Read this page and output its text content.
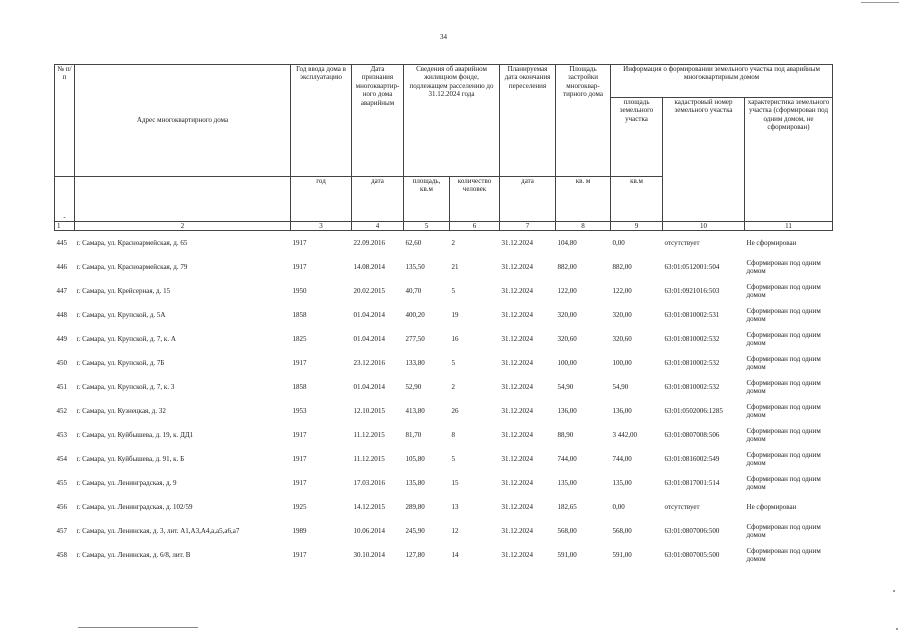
34
№ п/п	Адрес многоквартирного дома	Год ввода дома в эксплуатацию	Дата признания многоквартир-ного дома аварийным	Сведения об аварийном жилищном фонде, подлежащем расселению до 31.12.2024 года		Планируемая дата окончания переселения	Площадь застройки многоквар-тирного дома	Информация о формировании земельного участка под аварийным многоквартирным домом		
								площадь земельного участка	кадастровый номер земельного участка	характеристика земельного участка (сформирован под одним домом, не сформирован)
-		год	дата	площадь, кв.м	количество человек	дата	кв. м	кв.м		
1	2	3	4	5	6	7	8	9	10	11
445	г. Самара, ул. Красноармейская, д. 65	1917	22.09.2016	62,60	2	31.12.2024	104,80	0,00	отсутствует	Не сформирован
446	г. Самара, ул. Красноармейская, д. 79	1917	14.08.2014	135,50	21	31.12.2024	882,00	882,00	63:01:0512001:504	Сформирован под одним домом
447	г. Самара, ул. Крейсерная, д. 15	1950	20.02.2015	40,70	5	31.12.2024	122,00	122,00	63:01:0921016:503	Сформирован под одним домом
448	г. Самара, ул. Крупской, д. 5А	1858	01.04.2014	400,20	19	31.12.2024	320,00	320,00	63:01:0810002:531	Сформирован под одним домом
449	г. Самара, ул. Крупской, д. 7, к. А	1825	01.04.2014	277,50	16	31.12.2024	320,60	320,60	63:01:0810002:532	Сформирован под одним домом
450	г. Самара, ул. Крупской, д. 7Б	1917	23.12.2016	133,80	5	31.12.2024	100,00	100,00	63:01:0810002:532	Сформирован под одним домом
451	г. Самара, ул. Крупской, д. 7, к. 3	1858	01.04.2014	52,90	2	31.12.2024	54,90	54,90	63:01:0810002:532	Сформирован под одним домом
452	г. Самара, ул. Кузнецкая, д. 32	1953	12.10.2015	413,80	26	31.12.2024	136,00	136,00	63:01:0502006:1285	Сформирован под одним домом
453	г. Самара, ул. Куйбышева, д. 19, к. ДД1	1917	11.12.2015	81,70	8	31.12.2024	88,90	3 442,00	63:01:0807008:506	Сформирован под одним домом
454	г. Самара, ул. Куйбышева, д. 91, к. Б	1917	11.12.2015	105,80	5	31.12.2024	744,00	744,00	63:01:0816002:549	Сформирован под одним домом
455	г. Самара, ул. Ленинградская, д. 9	1917	17.03.2016	135,80	15	31.12.2024	135,00	135,00	63:01:0817001:514	Сформирован под одним домом
456	г. Самара, ул. Ленинградская, д. 102/59	1925	14.12.2015	289,80	13	31.12.2024	182,65	0,00	отсутствует	Не сформирован
457	г. Самара, ул. Ленинская, д. 3, лит. А1,А3,А4,а,а5,а6,а7	1989	10.06.2014	245,90	12	31.12.2024	568,00	568,00	63:01:0807006:500	Сформирован под одним домом
458	г. Самара, ул. Ленинская, д. 6/8, лит. В	1917	30.10.2014	127,80	14	31.12.2024	591,00	591,00	63:01:0807005:500	Сформирован под одним домом
